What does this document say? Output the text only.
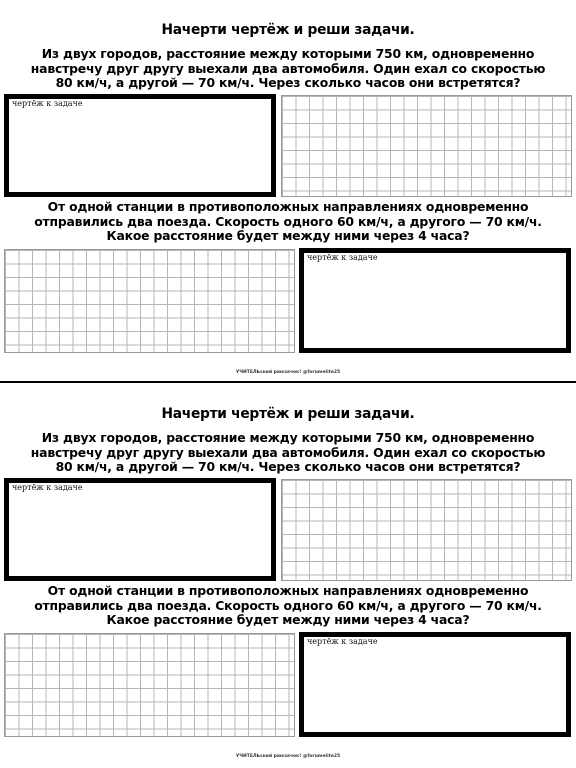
Начерти чертёж и реши задачи.
Из двух городов, расстояние между которыми 750 км, одновременно
навстречу друг другу выехали два автомобиля. Один ехал со скоростью
80 км/ч, а другой — 70 км/ч. Через сколько часов они встретятся?
чертёж к задаче
От одной станции в противоположных направлениях одновременно
отправились два поезда. Скорость одного 60 км/ч, а другого — 70 км/ч.
Какое расстояние будет между ними через 4 часа?
чертёж к задаче
УЧИТЕЛЬский рюкзачок! @forumelite25
Начерти чертёж и реши задачи.
Из двух городов, расстояние между которыми 750 км, одновременно
навстречу друг другу выехали два автомобиля. Один ехал со скоростью
80 км/ч, а другой — 70 км/ч. Через сколько часов они встретятся?
чертёж к задаче
От одной станции в противоположных направлениях одновременно
отправились два поезда. Скорость одного 60 км/ч, а другого — 70 км/ч.
Какое расстояние будет между ними через 4 часа?
чертёж к задаче
УЧИТЕЛЬский рюкзачок! @forumelite25
